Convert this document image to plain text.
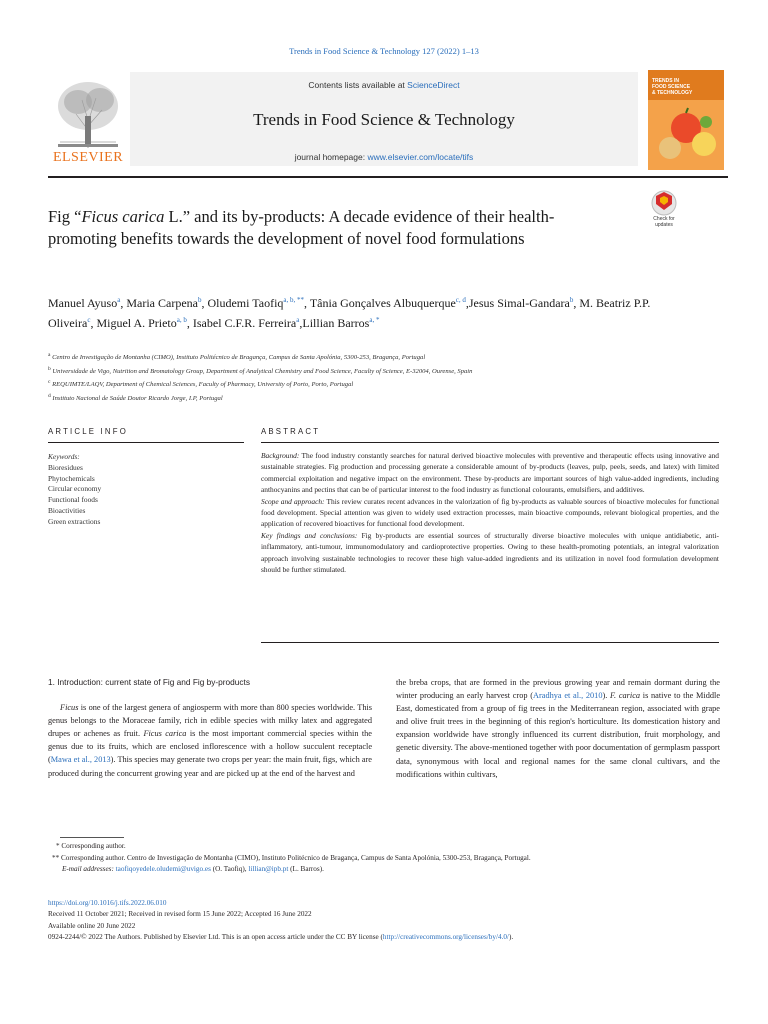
Trends in Food Science & Technology 127 (2022) 1–13
ELSEVIER
Contents lists available at ScienceDirect
Trends in Food Science & Technology
journal homepage: www.elsevier.com/locate/tifs
TRENDS IN
FOOD SCIENCE
& TECHNOLOGY
Fig “Ficus carica L.” and its by-products: A decade evidence of their health-promoting benefits towards the development of novel food formulations
Check for
updates
Manuel Ayuso$^a$, Maria Carpena$^b$, Oludemi Taofiq$^{a, b, **}$, Tânia Gonçalves Albuquerque$^{c, d}$,Jesus Simal-Gandara$^b$, M. Beatriz P.P. Oliveira$^c$, Miguel A. Prieto$^{a, b}$, Isabel C.F.R. Ferreira$^a$,Lillian Barros$^{a, *}$
$^a$ Centro de Investigação de Montanha (CIMO), Instituto Politécnico de Bragança, Campus de Santa Apolónia, 5300-253, Bragança, Portugal
$^b$ Universidade de Vigo, Nutrition and Bromatology Group, Department of Analytical Chemistry and Food Science, Faculty of Science, E-32004, Ourense, Spain
$^c$ REQUIMTE/LAQV, Department of Chemical Sciences, Faculty of Pharmacy, University of Porto, Porto, Portugal
$^d$ Instituto Nacional de Saúde Doutor Ricardo Jorge, I.P, Portugal
ARTICLE INFO
Keywords:
Bioresidues
Phytochemicals
Circular economy
Functional foods
Bioactivities
Green extractions
ABSTRACT

Background: The food industry constantly searches for natural derived bioactive molecules with preventive and therapeutic effects using innovative and sustainable strategies. Fig production and processing generate a considerable amount of by-products (leaves, pulp, peels, seeds, and latex) with limited commercial exploitation and negative impact on the environment. These by-products are important sources of high value-added ingredients, including anthocyanins and pectins that can be of particular interest to the food industry as functional colourants, emulsifiers, and additives.

Scope and approach: This review curates recent advances in the valorization of fig by-products as valuable sources of bioactive molecules for functional food development. Special attention was given to widely used extraction processes, main bioactive compounds, relevant biological properties, and the application of recovered bioactives for functional food development.

Key findings and conclusions: Fig by-products are essential sources of structurally diverse bioactive molecules with unique antidiabetic, anti-inflammatory, anti-tumour, immunomodulatory and cardioprotective properties. Owing to these health-promoting potentials, an integral valorization approach involving sustainable technologies to recover these high value-added ingredients and its utilization in novel food formulation development should be further stimulated.

1. Introduction: current state of Fig and Fig by-products

Ficus is one of the largest genera of angiosperm with more than 800 species worldwide. This genus belongs to the Moraceae family, rich in edible species with milky latex and aggregated drupes or achenes as fruit. Ficus carica is the most important commercial species within the genus due to its fruits, which are enclosed inflorescence with a hollow succulent receptacle (Mawa et al., 2013). This species may generate two crops per year: the main fruit, figs, which are produced during the concurrent growing year and are picked up at the end of the harvest and

the breba crops, that are formed in the previous growing year and remain dormant during the winter producing an early harvest crop (Aradhya et al., 2010). F. carica is native to the Middle East, domesticated from a group of fig trees in the Mediterranean region, associated with grape and olive fruit trees in the beginning of this region's horticulture. Its domestication history and expansion worldwide have strongly influenced its current distribution, fruit morphology, and genetic diversity. The above-mentioned together with poor documentation of germplasm passport data, synonymous with local and regional names for the same clonal cultivars, and the modifications within cultivars,

* Corresponding author.

** Corresponding author. Centro de Investigação de Montanha (CIMO), Instituto Politécnico de Bragança, Campus de Santa Apolónia, 5300-253, Bragança, Portugal.

E-mail addresses: taofiqoyedele.oludemi@uvigo.es (O. Taofiq), lillian@ipb.pt (L. Barros).

https://doi.org/10.1016/j.tifs.2022.06.010

Received 11 October 2021; Received in revised form 15 June 2022; Accepted 16 June 2022

Available online 20 June 2022

0924-2244/© 2022 The Authors. Published by Elsevier Ltd. This is an open access article under the CC BY license (http://creativecommons.org/licenses/by/4.0/).
